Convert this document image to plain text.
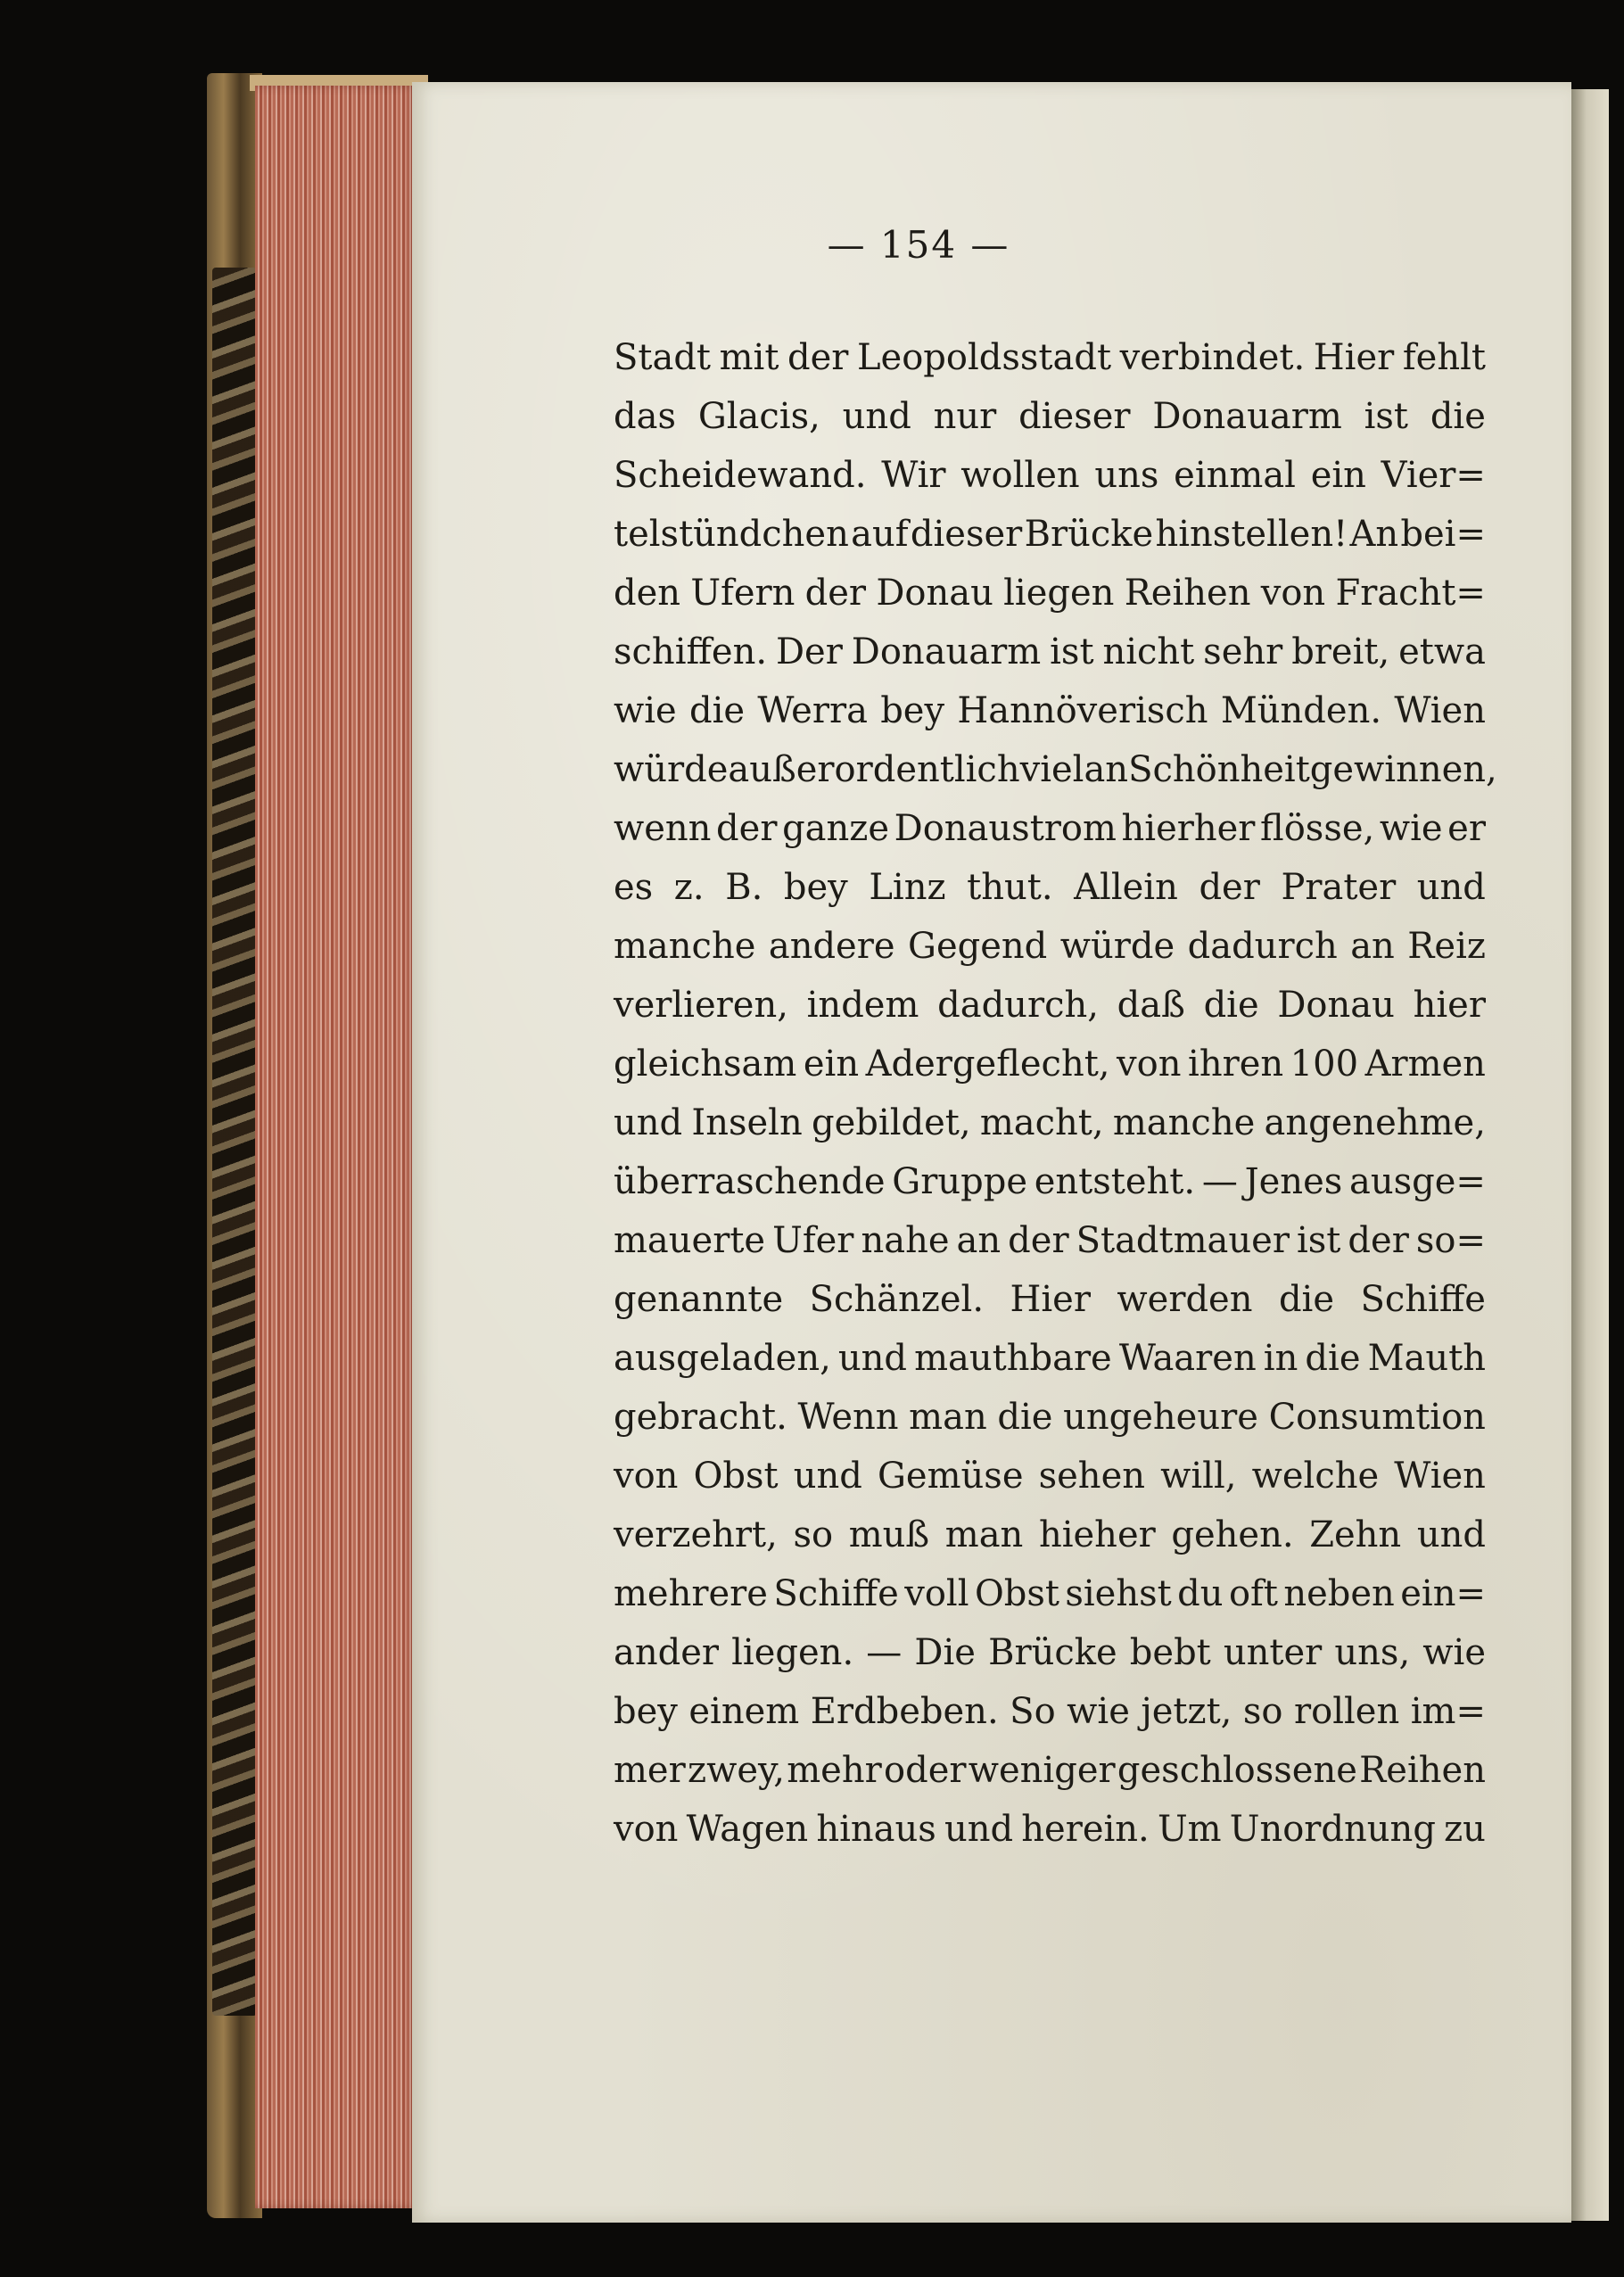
— 154 —
Stadt mit der Leopoldsstadt verbindet. Hier fehlt
das Glacis, und nur dieser Donauarm ist die
Scheidewand. Wir wollen uns einmal ein Vier=
telstündchen auf dieser Brücke hinstellen! An bei=
den Ufern der Donau liegen Reihen von Fracht=
schiffen. Der Donauarm ist nicht sehr breit, etwa
wie die Werra bey Hannöverisch Münden. Wien
würde außerordentlich viel an Schönheit gewinnen,
wenn der ganze Donaustrom hierher flösse, wie er
es z. B. bey Linz thut. Allein der Prater und
manche andere Gegend würde dadurch an Reiz
verlieren, indem dadurch, daß die Donau hier
gleichsam ein Adergeflecht, von ihren 100 Armen
und Inseln gebildet, macht, manche angenehme,
überraschende Gruppe entsteht. — Jenes ausge=
mauerte Ufer nahe an der Stadtmauer ist der so=
genannte Schänzel. Hier werden die Schiffe
ausgeladen, und mauthbare Waaren in die Mauth
gebracht. Wenn man die ungeheure Consumtion
von Obst und Gemüse sehen will, welche Wien
verzehrt, so muß man hieher gehen. Zehn und
mehrere Schiffe voll Obst siehst du oft neben ein=
ander liegen. — Die Brücke bebt unter uns, wie
bey einem Erdbeben. So wie jetzt, so rollen im=
mer zwey, mehr oder weniger geschlossene Reihen
von Wagen hinaus und herein. Um Unordnung zu
